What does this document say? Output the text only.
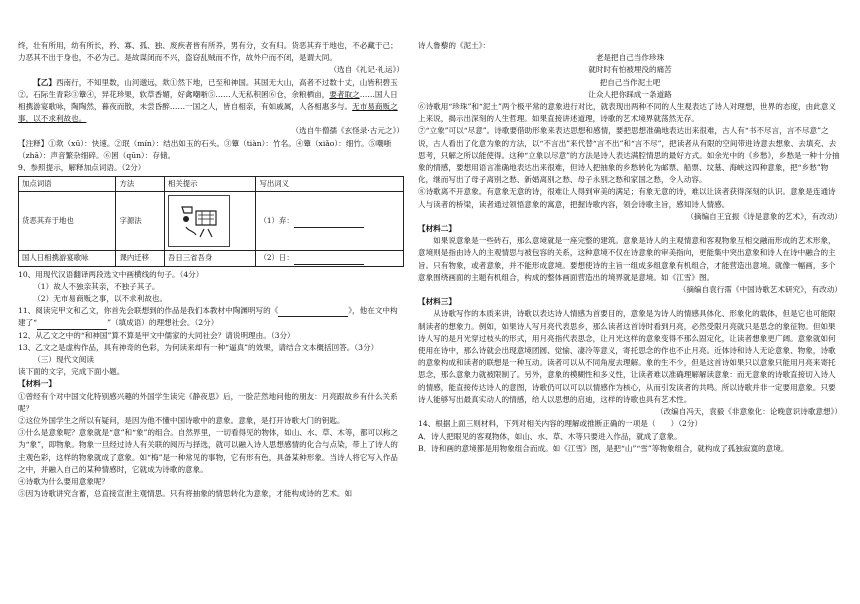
终，壮有所用，幼有所长，矜、寡、孤、独、废疾者皆有所养，男有分，女有归。货恶其弃于地也，不必藏于己；力恶其不出于身也，不必为己。是故谋闭而不兴，盗窃乱贼而不作，故外户而不闭，是谓大同。

（选自《礼记·礼运》）

【乙】西南行，不知里数，山河邈远，欻①然下地，已至和神国。其国无大山，高者不过数十丈，山皆积碧玉②。石际生青彩③簟④，异花珍果，软草香媚，好禽嘲哳⑤……人无私积囷⑥仓，余粮栖亩，要者取之……国人日相携游宴歌咏，陶陶然，暮夜而散，未尝昏醉……一国之人，皆自相亲，有如戚属，人各相惠多与。无市易商贩之事，以不求利故也。

（选自牛僧孺《玄怪录·古元之》）

【注释】①欻（xū）：快速。②珉（mín）：结出如玉的石头。③簟（tiàn）：竹名。④簟（xiǎo）：细竹。⑤嘲哳（zhā）：声音繁杂细碎。⑥囷（qūn）：存储。

9、参照提示，解释加点词语。（2分）

加点词语	方法	相关提示	写出词义
货恶其弃于地也	字源法		（1）弃：
国人日相携游宴歌咏	课内迁移	吾日三省吾身	（2）日：

10、用现代汉语翻译两段选文中画横线的句子。（4分）

（1）故人不独亲其亲，不独子其子。

（2）无市易商贩之事，以不求利故也。

11、阅读完甲文和乙文，你首先会联想到的作品是我们本教材中陶渊明写的《	》，他在文中构建了“	”（填成语）的理想社会。（2分）

12、从乙文之中的“和神国”算不算是甲文中儒家的大同社会？请说明理由。（3分）

13、乙文之是虚构作品，具有神奇的色彩，为何读来却有一种“逼真”的效果，请结合文本概括回答。（3分）

（三）现代文阅读

读下面的文字，完成下面小题。

【材料一】

①曾经有个对中国文化特别感兴趣的外国学生读完《静夜思》后，一脸茫然地问他的朋友：月亮跟故乡有什么关系呢？

②这位外国学生之所以有疑问，是因为他不懂中国诗歌中的意象。意象，是打开诗歌大门的钥匙。

③什么是意象呢？意象就是“意”和“象”的组合。自然界里，一切看得见的物体，如山、水、草、木等，都可以称之为“象”，即物象。物象一旦经过诗人有关联的阅历与择选，就可以融入诗人思想感情的化合与点染，带上了诗人的主观色彩，这样的物象就成了意象。如“梅”是一种常见的事物，它有形有色，具备某种形象。当诗人将它写入作品之中，并融入自己的某种情感时，它就成为诗歌的意象。

④诗歌为什么要用意象呢？

⑤因为诗歌讲究含蓄，总直接宣泄主观情思。只有将抽象的情思转化为意象，才能构成诗的艺术。如

诗人鲁藜的《泥土》：

老是把自己当作珍珠

就时时有怕被埋没的痛苦

把自己当作泥土吧

让众人把你踩成一条道路

⑥诗歌用“珍珠”和“泥土”两个极平常的意象进行对比，就表现出两种不同的人生观表达了诗人对理想，世界的态度，由此意义上来说，揭示出深刻的人生哲理。如果直接讲述道理，诗歌的艺术境界就荡然无存。

⑦“立象”可以“尽意”。诗歌要借助形象来表达思想和感情，要把思想准确地表达出来很难，古人有“书不尽言，言不尽意”之说，古人看出了化意为象的方法，以“不言出”来代替“言不出”和“言不尽”，把读者从有限的空间带进诗意去想象、去填充、去思考，只解之所以能使得。这种“立象以尽意”的方法是诗人表达满腔情思的最好方式。如余光中的《乡愁》，乡愁是一种十分抽象的情感，要想用语言准确地表达出来很难，但诗人把抽象的乡愁转化为邮票、船票、坟墓、海峡这四种意象，把“乡愁”物化，继而写出了母子离别之愁、新婚离别之愁、母子永别之愁和家国之愁，令人动容。

⑧诗歌离不开意象。有意象无意的诗，很难让人得到审美的满足；有象无意的诗，难以让读者获得深刻的认识。意象是连通诗人与读者的桥梁，读者通过领悟意象的寓意，把握诗歌内容，领会诗歌主旨，感知诗人情感。

（摘编自王宜振《诗是意象的艺术》，有改动）

【材料二】

如果说意象是一些砖石，那么意境就是一座完整的建筑。意象是诗人的主观情意和客观物象互相交融而形成的艺术形象，意境则是指由诗人的主观情思与被包容的关系，这种意境不仅在诗意象的审美指向，更能集中突出意象和诗人在诗中融合的主旨。只有物象，或者意象，并不能形成意境。要想使诗的主旨一组成多组意象有机组合，才能营造出意境。就像一幅画，多个意象围绕画面的主题有机组合，构成的整体画面营造出的境界就是意境。如《江雪》图。

（摘编自袁行霈《中国诗歌艺术研究》，有改动）

【材料三】

从诗歌写作的本质来讲，诗歌以表达诗人情感为首要目的，意象是为诗人的情感具体化、形象化的载体，但是它也可能限制读者的想象力。例如，如果诗人写月亮代表思乡，那么读者这首诗时看到月亮，必然受限月亮就只是思念的象征物。但如果诗人写的是月光穿过枝头的形式，用月亮指代表思念，让月光这样的意象变得不那么固定化，让读者想象更广阔。意象就如何使用在诗中，那么诗就会出现意境团圆、觉愉、凄冷等意义，寄托思念的作也不止月亮。近体诗和诗人无论意象、物象，诗歌的意象构成和读者的联想是一种互动。读者可以从不同角度去理解。象的生不少，但是这首诗如果只以意象只能用月亮来寄托思念，那么意象力就被限制了。另外，意象的模糊性和多义性，让读者难以准确理解解读意象：而无意象的诗歌直接切入诗人的情感，能直接传达诗人的意图，诗歌仍可以可以以情感作为核心，从而引发读者的共鸣。所以诗歌并非一定要用意象。只要诗人能够写出最真实动人的情感，给人以思想的启迪，这样的诗歌也具有艺术性。

（改编自冯天，袁毅《非意象化：论晚意识诗歌意想》）

14、根据上面三则材料，下列对相关内容的理解或推断正确的一项是（　　）（2分）

A．诗人把眼见的客观物体，如山、水、草、木等只要进入作品，就成了意象。

B．诗和画的意境都是用物象组合而成。如《江雪》图，是把“山”“雪”等物象组合，就构成了孤独寂寞的意境。
